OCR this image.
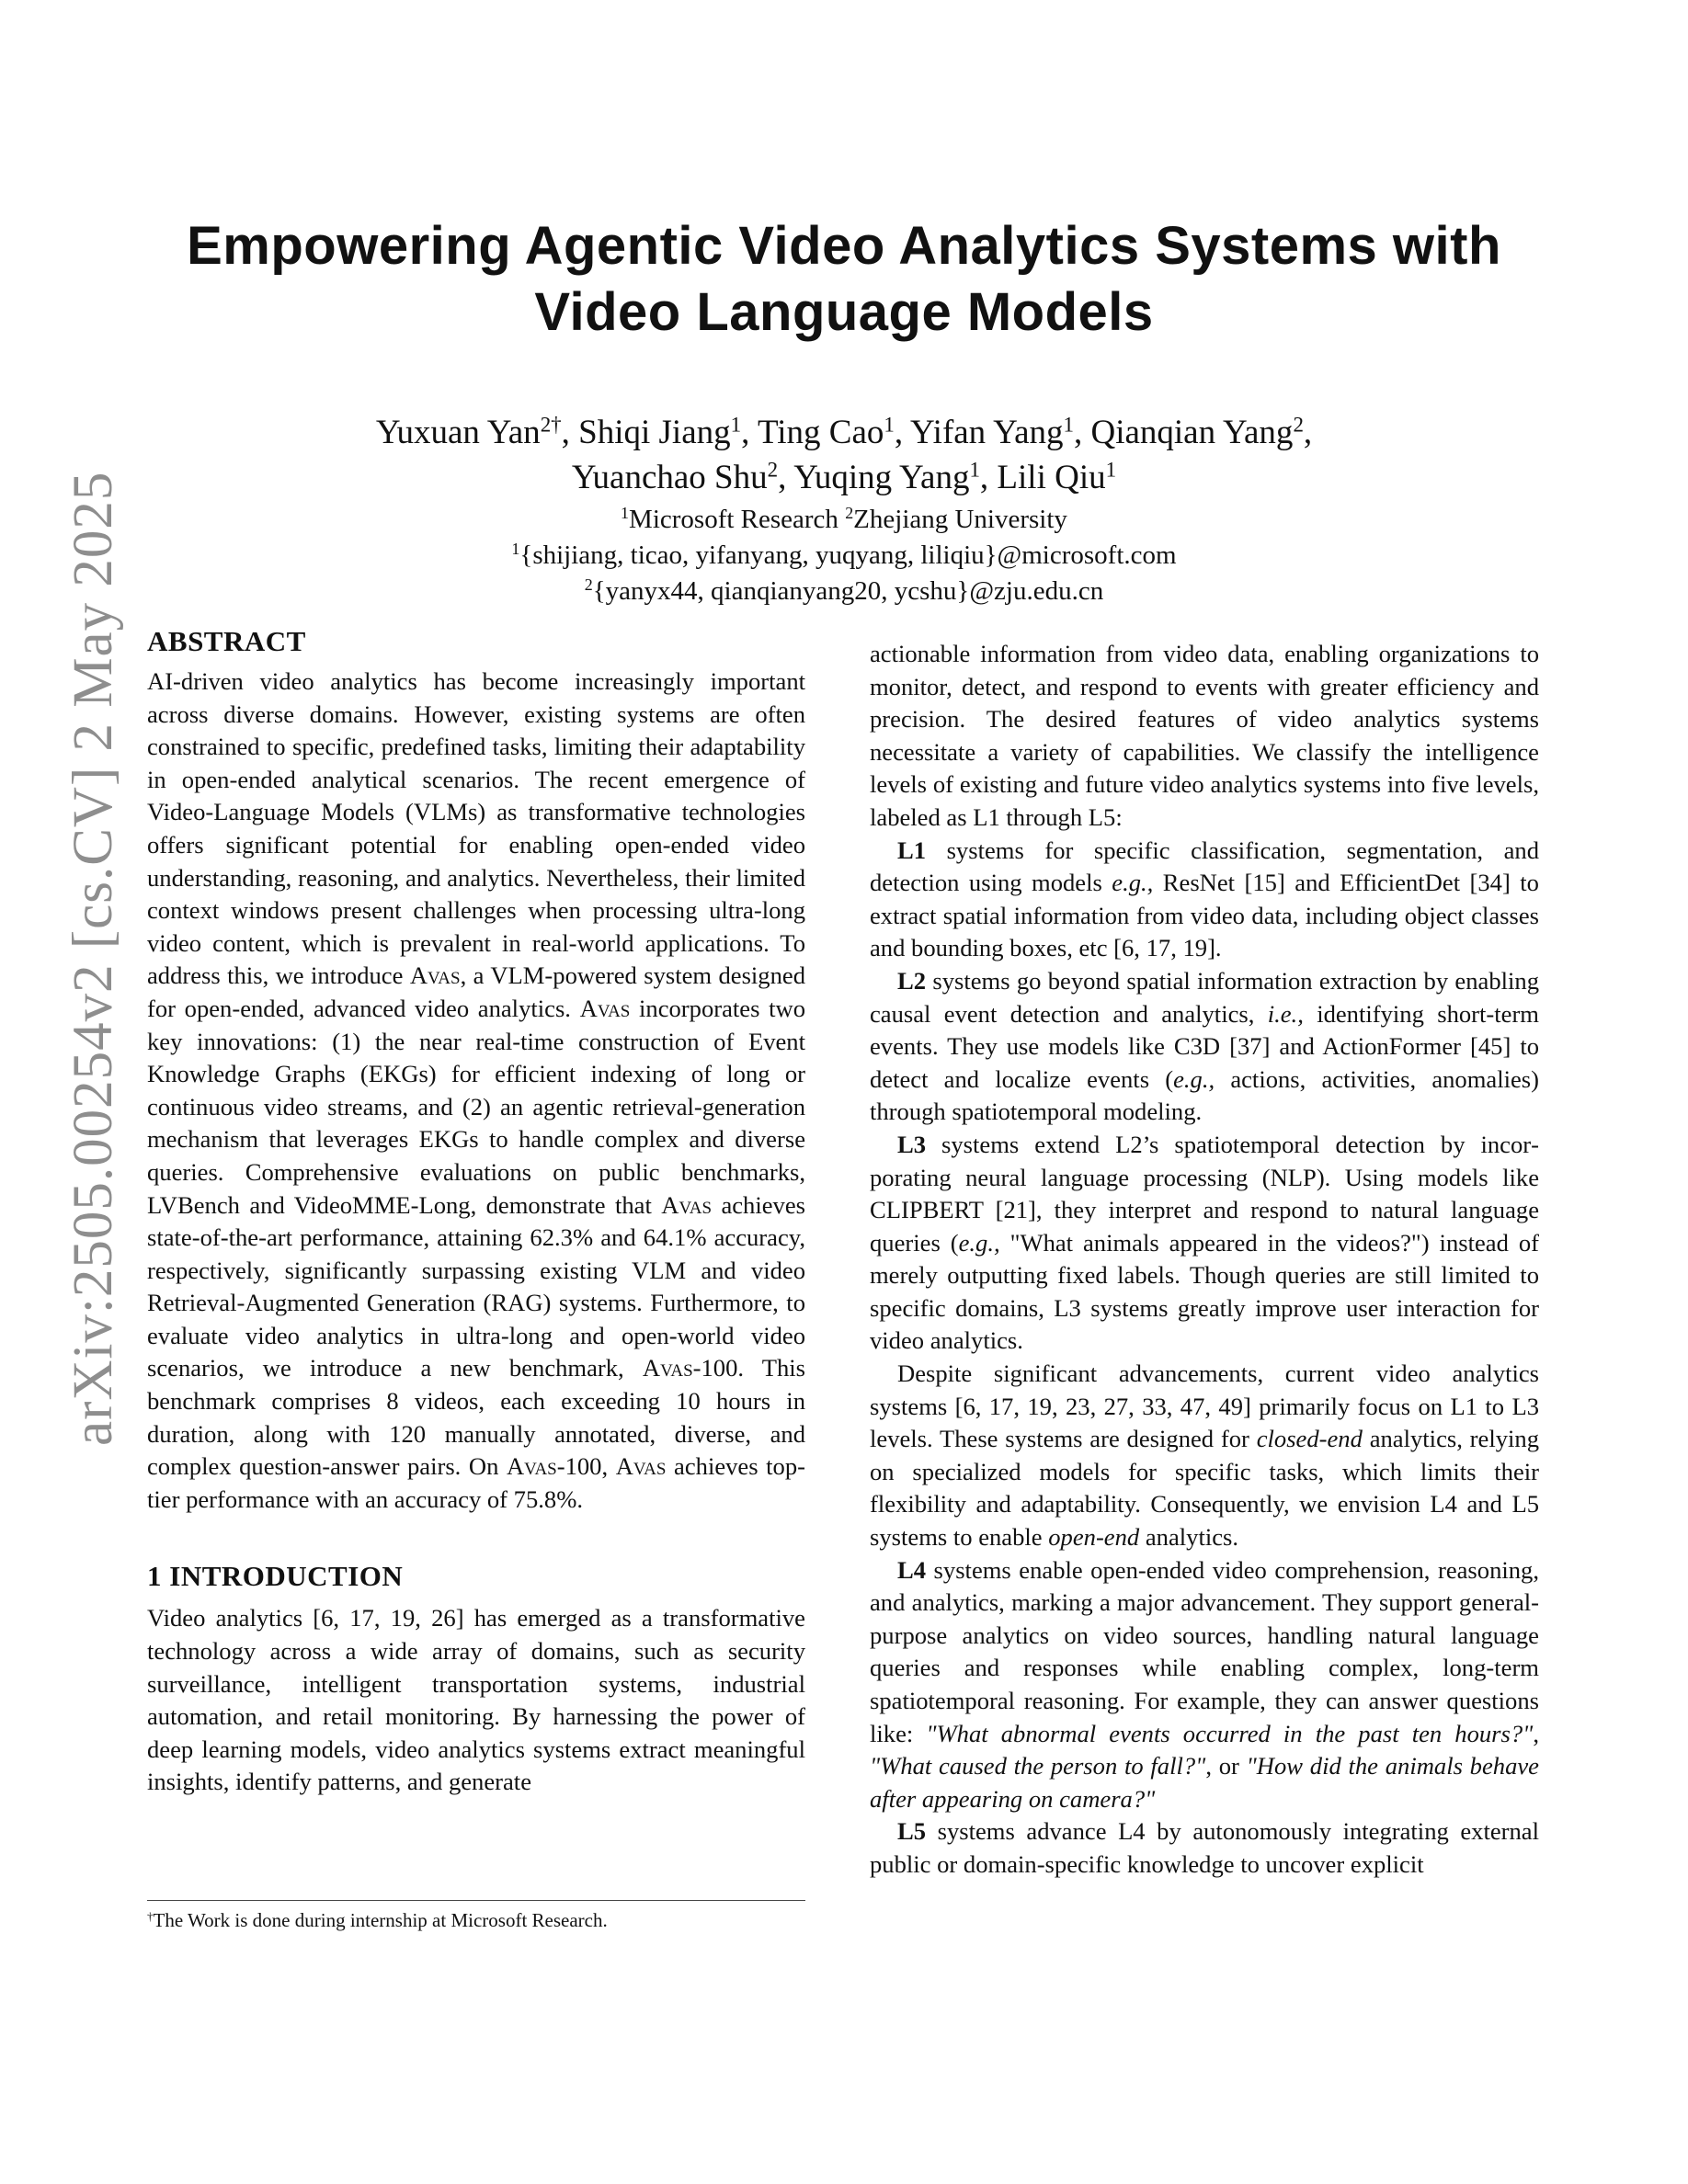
arXiv:2505.00254v2 [cs.CV] 2 May 2025
Empowering Agentic Video Analytics Systems with
Video Language Models
Yuxuan Yan$^{2\dagger}$, Shiqi Jiang$^1$, Ting Cao$^1$, Yifan Yang$^1$, Qianqian Yang$^2$,
Yuanchao Shu$^2$, Yuqing Yang$^1$, Lili Qiu$^1$
$^1$Microsoft Research $^2$Zhejiang University
$^1${shijiang, ticao, yifanyang, yuqyang, liliqiu}@microsoft.com
$^2${yanyx44, qianqianyang20, ycshu}@zju.edu.cn
ABSTRACT

AI-driven video analytics has become increasingly important across diverse domains. However, existing systems are often constrained to specific, predefined tasks, limiting their adaptability in open-ended analytical scenarios. The recent emergence of Video-Language Models (VLMs) as transformative technologies offers significant potential for enabling open-ended video understanding, reasoning, and analytics. Nevertheless, their limited context windows present challenges when processing ultra-long video content, which is prevalent in real-world applications. To address this, we introduce Avas, a VLM-powered system designed for open-ended, advanced video analytics. Avas incorporates two key innovations: (1) the near real-time construction of Event Knowledge Graphs (EKGs) for efficient indexing of long or continuous video streams, and (2) an agentic retrieval-generation mechanism that leverages EKGs to handle complex and diverse queries. Comprehensive evaluations on public benchmarks, LVBench and VideoMME-Long, demonstrate that Avas achieves state-of-the-art performance, attaining 62.3% and 64.1% accuracy, respectively, significantly surpassing existing VLM and video Retrieval-Augmented Generation (RAG) systems. Furthermore, to evaluate video analytics in ultra-long and open-world video scenarios, we introduce a new benchmark, Avas-100. This benchmark comprises 8 videos, each exceeding 10 hours in duration, along with 120 manually annotated, diverse, and complex question-answer pairs. On Avas-100, Avas achieves top-tier performance with an accuracy of 75.8%.

1 INTRODUCTION

Video analytics [6, 17, 19, 26] has emerged as a transformative technology across a wide array of domains, such as security surveillance, intelligent transportation systems, industrial automation, and retail monitoring. By harnessing the power of deep learning models, video analytics systems extract meaningful insights, identify patterns, and generate

actionable information from video data, enabling organizations to monitor, detect, and respond to events with greater efficiency and precision. The desired features of video analytics systems necessitate a variety of capabilities. We classify the intelligence levels of existing and future video analytics systems into five levels, labeled as L1 through L5:

L1 systems for specific classification, segmentation, and detection using models e.g., ResNet [15] and EfficientDet [34] to extract spatial information from video data, including object classes and bounding boxes, etc [6, 17, 19].

L2 systems go beyond spatial information extraction by enabling causal event detection and analytics, i.e., identifying short-term events. They use models like C3D [37] and ActionFormer [45] to detect and localize events (e.g., actions, activities, anomalies) through spatiotemporal modeling.

L3 systems extend L2’s spatiotemporal detection by incorporating neural language processing (NLP). Using models like CLIPBERT [21], they interpret and respond to natural language queries (e.g., "What animals appeared in the videos?") instead of merely outputting fixed labels. Though queries are still limited to specific domains, L3 systems greatly improve user interaction for video analytics.

Despite significant advancements, current video analytics systems [6, 17, 19, 23, 27, 33, 47, 49] primarily focus on L1 to L3 levels. These systems are designed for closed-end analytics, relying on specialized models for specific tasks, which limits their flexibility and adaptability. Consequently, we envision L4 and L5 systems to enable open-end analytics.

L4 systems enable open-ended video comprehension, reasoning, and analytics, marking a major advancement. They support general-purpose analytics on video sources, handling natural language queries and responses while enabling complex, long-term spatiotemporal reasoning. For example, they can answer questions like: "What abnormal events occurred in the past ten hours?", "What caused the person to fall?", or "How did the animals behave after appearing on camera?"

L5 systems advance L4 by autonomously integrating external public or domain-specific knowledge to uncover explicit

†The Work is done during internship at Microsoft Research.
